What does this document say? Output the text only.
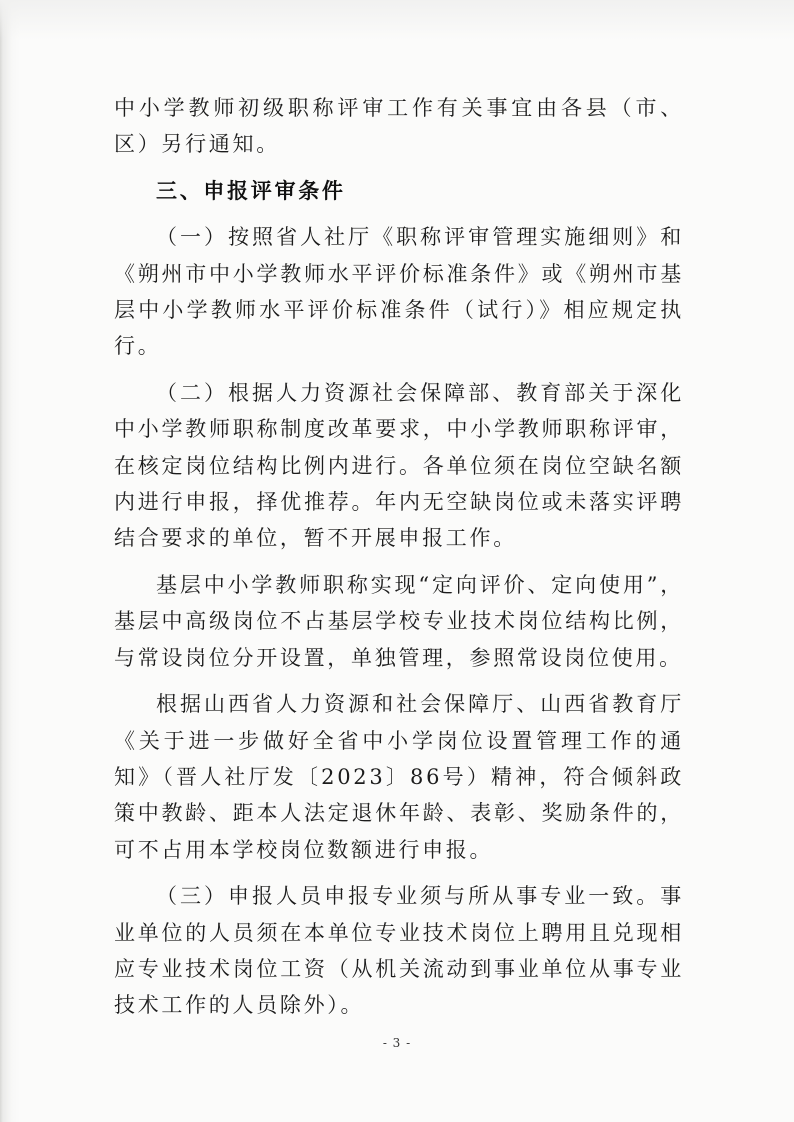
中小学教师初级职称评审工作有关事宜由各县（市、区）另行通知。

三、申报评审条件

（一）按照省人社厅《职称评审管理实施细则》和《朔州市中小学教师水平评价标准条件》或《朔州市基层中小学教师水平评价标准条件（试行）》相应规定执行。

（二）根据人力资源社会保障部、教育部关于深化中小学教师职称制度改革要求，中小学教师职称评审，在核定岗位结构比例内进行。各单位须在岗位空缺名额内进行申报，择优推荐。年内无空缺岗位或未落实评聘结合要求的单位，暂不开展申报工作。

基层中小学教师职称实现“定向评价、定向使用”，基层中高级岗位不占基层学校专业技术岗位结构比例，与常设岗位分开设置，单独管理，参照常设岗位使用。

根据山西省人力资源和社会保障厅、山西省教育厅《关于进一步做好全省中小学岗位设置管理工作的通知》（晋人社厅发〔2023〕86号）精神，符合倾斜政策中教龄、距本人法定退休年龄、表彰、奖励条件的，可不占用本学校岗位数额进行申报。

（三）申报人员申报专业须与所从事专业一致。事业单位的人员须在本单位专业技术岗位上聘用且兑现相应专业技术岗位工资（从机关流动到事业单位从事专业技术工作的人员除外）。

- 3 -
